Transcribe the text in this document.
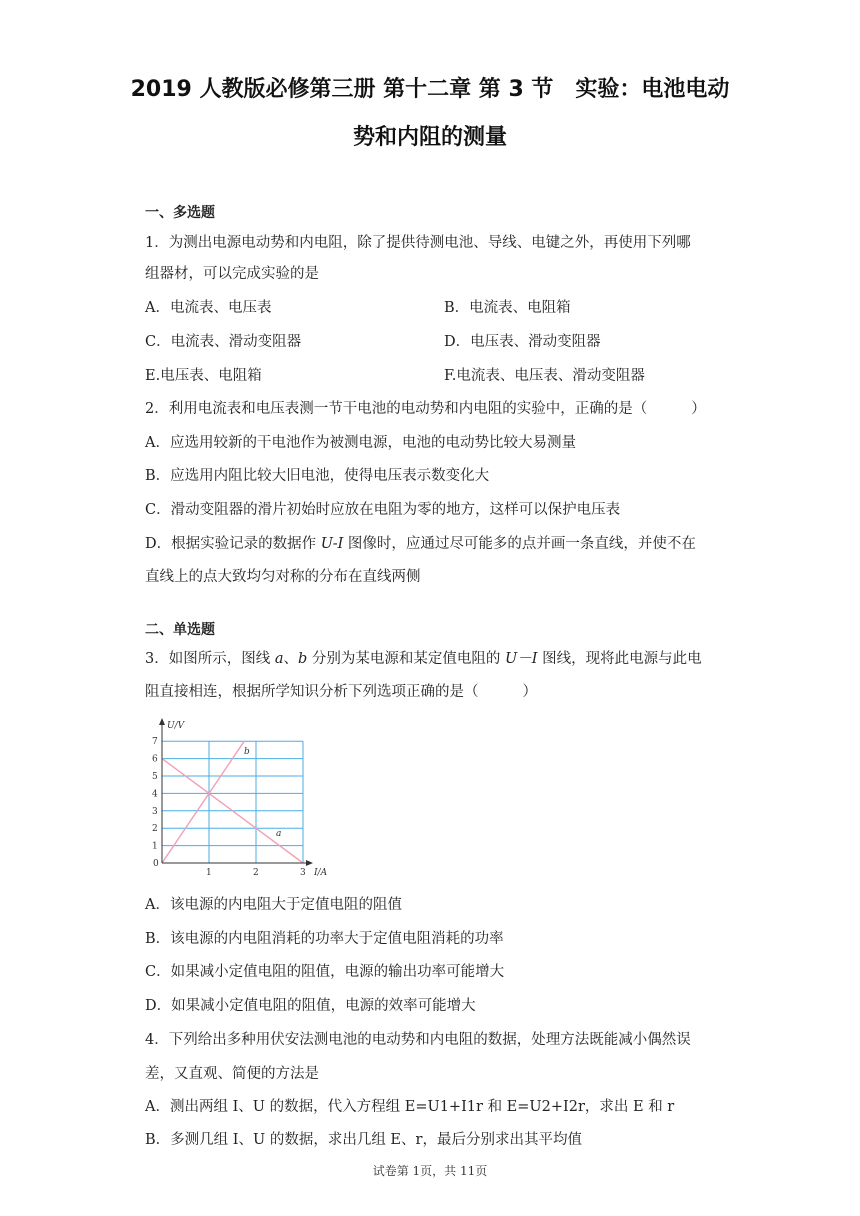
2019 人教版必修第三册 第十二章 第 3 节　实验：电池电动
势和内阻的测量
一、多选题
1．为测出电源电动势和内电阻，除了提供待测电池、导线、电键之外，再使用下列哪
组器材，可以完成实验的是
A．电流表、电压表	B．电流表、电阻箱
C．电流表、滑动变阻器	D．电压表、滑动变阻器
E.电压表、电阻箱	F.电流表、电压表、滑动变阻器
2．利用电流表和电压表测一节干电池的电动势和内电阻的实验中，正确的是（	）
A．应选用较新的干电池作为被测电源，电池的电动势比较大易测量
B．应选用内阻比较大旧电池，使得电压表示数变化大
C．滑动变阻器的滑片初始时应放在电阻为零的地方，这样可以保护电压表
D．根据实验记录的数据作 U-I 图像时，应通过尽可能多的点并画一条直线，并使不在
直线上的点大致均匀对称的分布在直线两侧
二、单选题
3．如图所示，图线 a、b 分别为某电源和某定值电阻的 U－I 图线，现将此电源与此电
阻直接相连，根据所学知识分析下列选项正确的是（	）
1
2
3
4
5
6
7
1	2	3
0
U/V
I/A
b
a
A．该电源的内电阻大于定值电阻的阻值
B．该电源的内电阻消耗的功率大于定值电阻消耗的功率
C．如果减小定值电阻的阻值，电源的输出功率可能增大
D．如果减小定值电阻的阻值，电源的效率可能增大
4．下列给出多种用伏安法测电池的电动势和内电阻的数据，处理方法既能减小偶然误
差，又直观、简便的方法是
A．测出两组 I、U 的数据，代入方程组 E=U1+I1r 和 E=U2+I2r，求出 E 和 r
B．多测几组 I、U 的数据，求出几组 E、r，最后分别求出其平均值
试卷第 1页，共 11页
